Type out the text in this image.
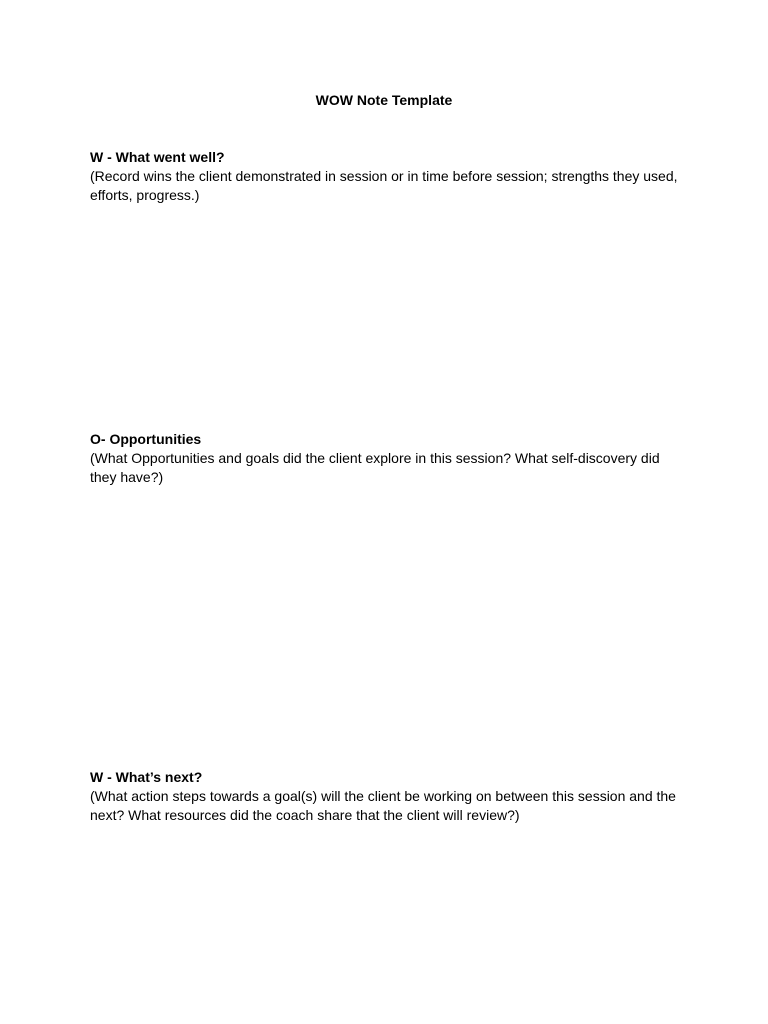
WOW Note Template

W - What went well?

(Record wins the client demonstrated in session or in time before session; strengths they used, efforts, progress.)

O- Opportunities

(What Opportunities and goals did the client explore in this session? What self-discovery did they have?)

W - What’s next?

(What action steps towards a goal(s) will the client be working on between this session and the next? What resources did the coach share that the client will review?)
